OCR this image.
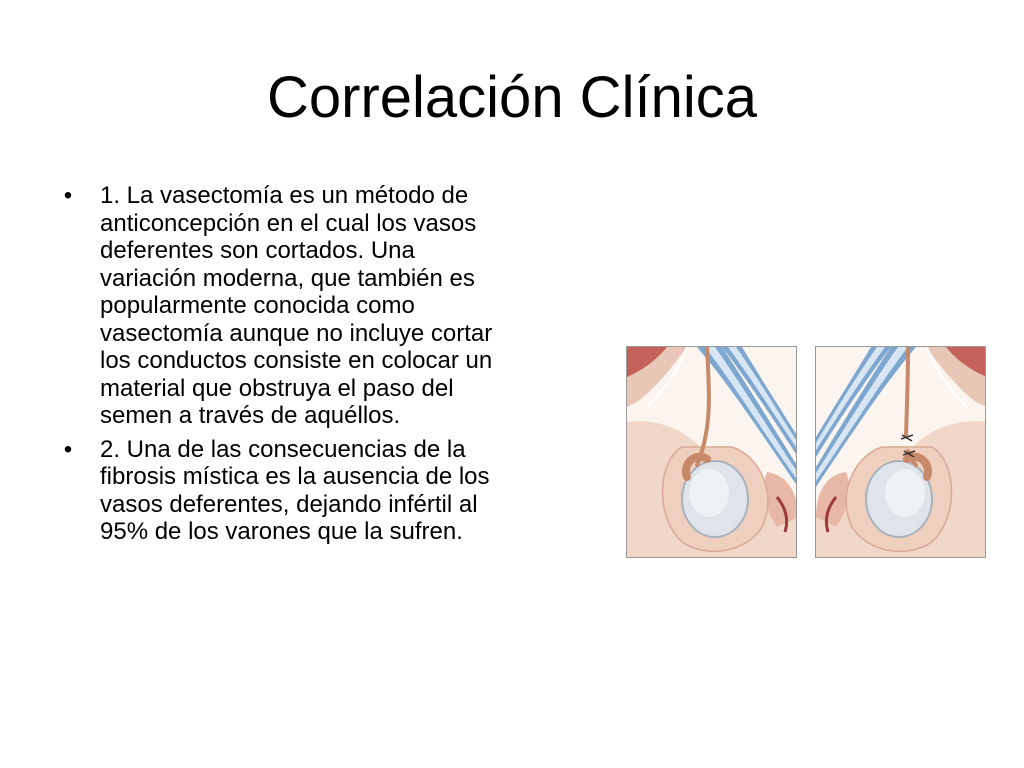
Correlación Clínica
• 1. La vasectomía es un método de anticoncepción en el cual los vasos deferentes son cortados. Una variación moderna, que también es popularmente conocida como vasectomía aunque no incluye cortar los conductos consiste en colocar un material que obstruya el paso del semen a través de aquéllos.
• 2. Una de las consecuencias de la fibrosis mística es la ausencia de los vasos deferentes, dejando infértil al 95% de los varones que la sufren.
